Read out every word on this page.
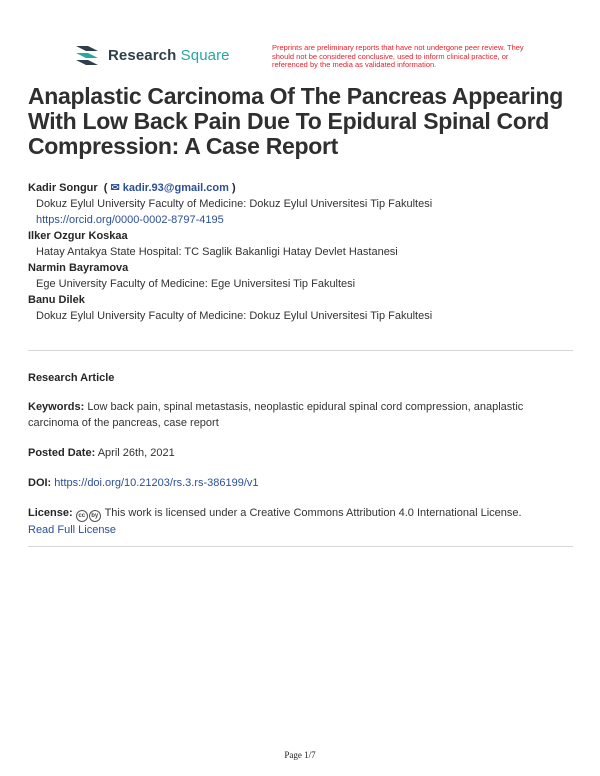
Research Square	Preprints are preliminary reports that have not undergone peer review. They should not be considered conclusive, used to inform clinical practice, or referenced by the media as validated information.
Anaplastic Carcinoma Of The Pancreas Appearing With Low Back Pain Due To Epidural Spinal Cord Compression: A Case Report
Kadir Songur  ( ✉ kadir.93@gmail.com )
Dokuz Eylul University Faculty of Medicine: Dokuz Eylul Universitesi Tip Fakultesi
https://orcid.org/0000-0002-8797-4195
Ilker Ozgur Koskaa
Hatay Antakya State Hospital: TC Saglik Bakanligi Hatay Devlet Hastanesi
Narmin Bayramova
Ege University Faculty of Medicine: Ege Universitesi Tip Fakultesi
Banu Dilek
Dokuz Eylul University Faculty of Medicine: Dokuz Eylul Universitesi Tip Fakultesi
Research Article
Keywords: Low back pain, spinal metastasis, neoplastic epidural spinal cord compression, anaplastic carcinoma of the pancreas, case report
Posted Date: April 26th, 2021
DOI: https://doi.org/10.21203/rs.3.rs-386199/v1
License: cc by This work is licensed under a Creative Commons Attribution 4.0 International License.
Read Full License
Page 1/7
